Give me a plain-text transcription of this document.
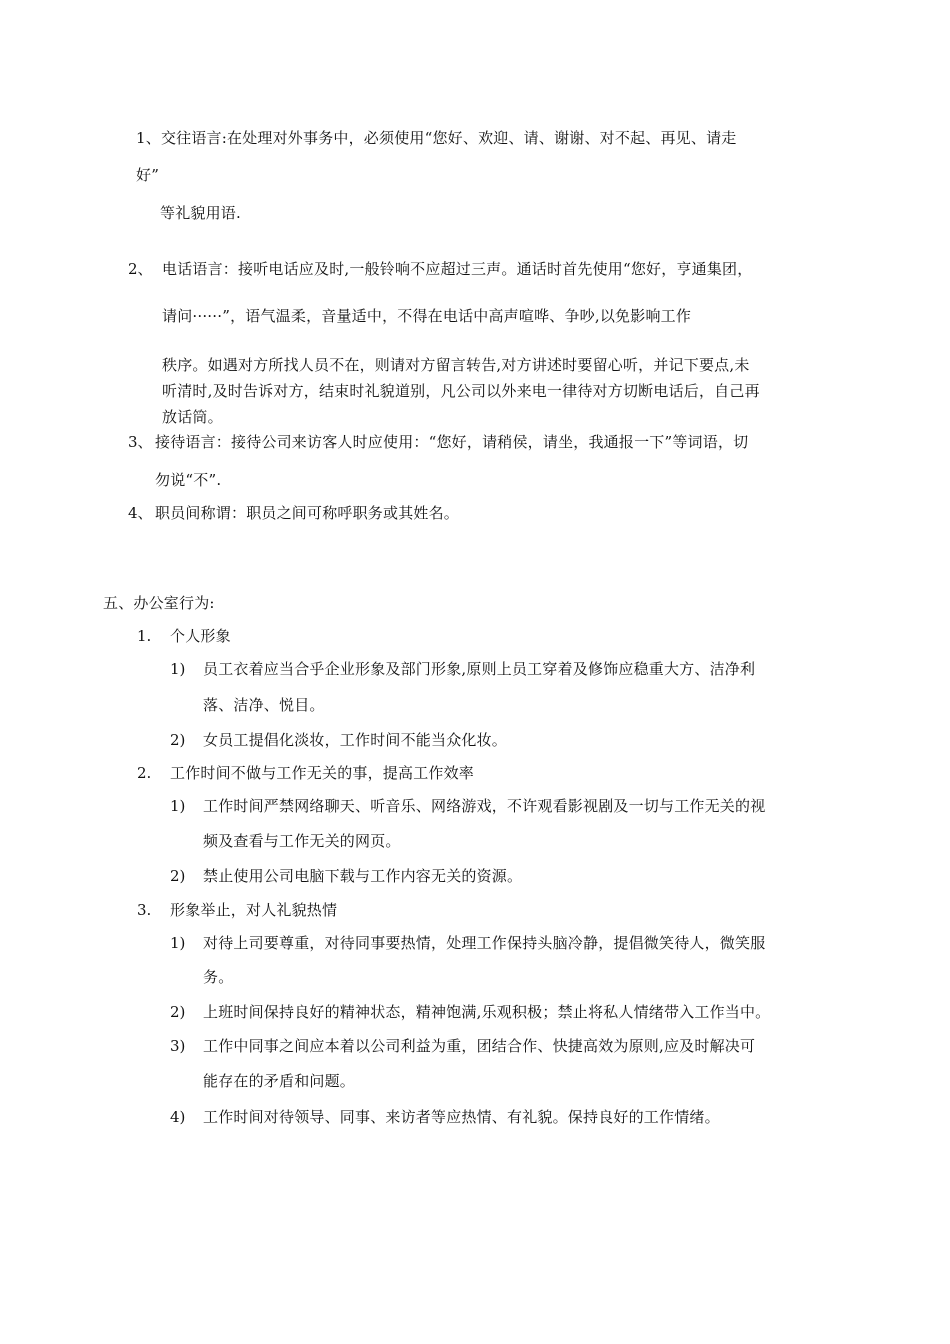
1、交往语言:在处理对外事务中，必须使用“您好、欢迎、请、谢谢、对不起、再见、请走

好”

等礼貌用语.

2、 电话语言：接听电话应及时,一般铃响不应超过三声。通话时首先使用“您好，亨通集团，

请问······”，语气温柔，音量适中，不得在电话中高声喧哗、争吵,以免影响工作

秩序。如遇对方所找人员不在，则请对方留言转告,对方讲述时要留心听，并记下要点,未

听清时,及时告诉对方，结束时礼貌道别，凡公司以外来电一律待对方切断电话后，自己再

放话筒。

3、 接待语言：接待公司来访客人时应使用：“您好，请稍侯，请坐，我通报一下”等词语，切

勿说“不”.

4、 职员间称谓：职员之间可称呼职务或其姓名。

五、办公室行为:

1. 个人形象

1) 员工衣着应当合乎企业形象及部门形象,原则上员工穿着及修饰应稳重大方、洁净利

落、洁净、悦目。

2) 女员工提倡化淡妆，工作时间不能当众化妆。

2. 工作时间不做与工作无关的事，提高工作效率

1) 工作时间严禁网络聊天、听音乐、网络游戏，不许观看影视剧及一切与工作无关的视

频及查看与工作无关的网页。

2) 禁止使用公司电脑下载与工作内容无关的资源。

3. 形象举止，对人礼貌热情

1) 对待上司要尊重，对待同事要热情，处理工作保持头脑冷静，提倡微笑待人，微笑服

务。

2) 上班时间保持良好的精神状态，精神饱满,乐观积极；禁止将私人情绪带入工作当中。

3) 工作中同事之间应本着以公司利益为重，团结合作、快捷高效为原则,应及时解决可

能存在的矛盾和问题。

4) 工作时间对待领导、同事、来访者等应热情、有礼貌。保持良好的工作情绪。
